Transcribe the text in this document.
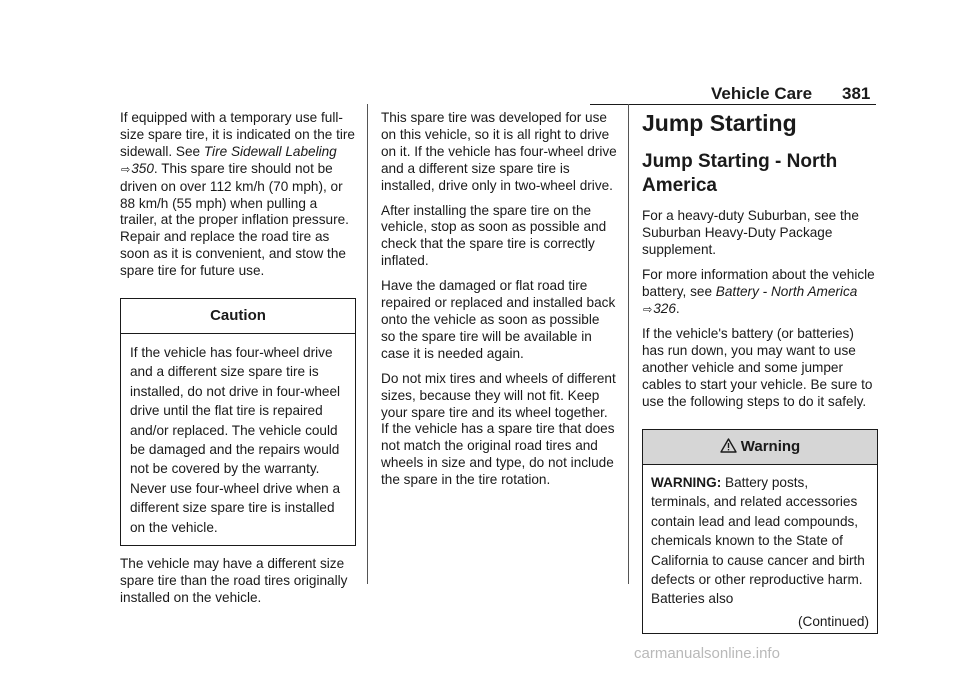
Vehicle Care 381

If equipped with a temporary use full-size spare tire, it is indicated on the tire sidewall. See Tire Sidewall Labeling ⇨350. This spare tire should not be driven on over 112 km/h (70 mph), or 88 km/h (55 mph) when pulling a trailer, at the proper inflation pressure. Repair and replace the road tire as soon as it is convenient, and stow the spare tire for future use.

Caution
If the vehicle has four-wheel drive and a different size spare tire is installed, do not drive in four-wheel drive until the flat tire is repaired and/or replaced. The vehicle could be damaged and the repairs would not be covered by the warranty. Never use four-wheel drive when a different size spare tire is installed on the vehicle.

The vehicle may have a different size spare tire than the road tires originally installed on the vehicle.

This spare tire was developed for use on this vehicle, so it is all right to drive on it. If the vehicle has four-wheel drive and a different size spare tire is installed, drive only in two-wheel drive.

After installing the spare tire on the vehicle, stop as soon as possible and check that the spare tire is correctly inflated.

Have the damaged or flat road tire repaired or replaced and installed back onto the vehicle as soon as possible so the spare tire will be available in case it is needed again.

Do not mix tires and wheels of different sizes, because they will not fit. Keep your spare tire and its wheel together. If the vehicle has a spare tire that does not match the original road tires and wheels in size and type, do not include the spare in the tire rotation.

Jump Starting
Jump Starting - North America

For a heavy-duty Suburban, see the Suburban Heavy-Duty Package supplement.

For more information about the vehicle battery, see Battery - North America ⇨326.

If the vehicle's battery (or batteries) has run down, you may want to use another vehicle and some jumper cables to start your vehicle. Be sure to use the following steps to do it safely.

Warning
WARNING: Battery posts, terminals, and related accessories contain lead and lead compounds, chemicals known to the State of California to cause cancer and birth defects or other reproductive harm. Batteries also
(Continued)
carmanualsonline.info
